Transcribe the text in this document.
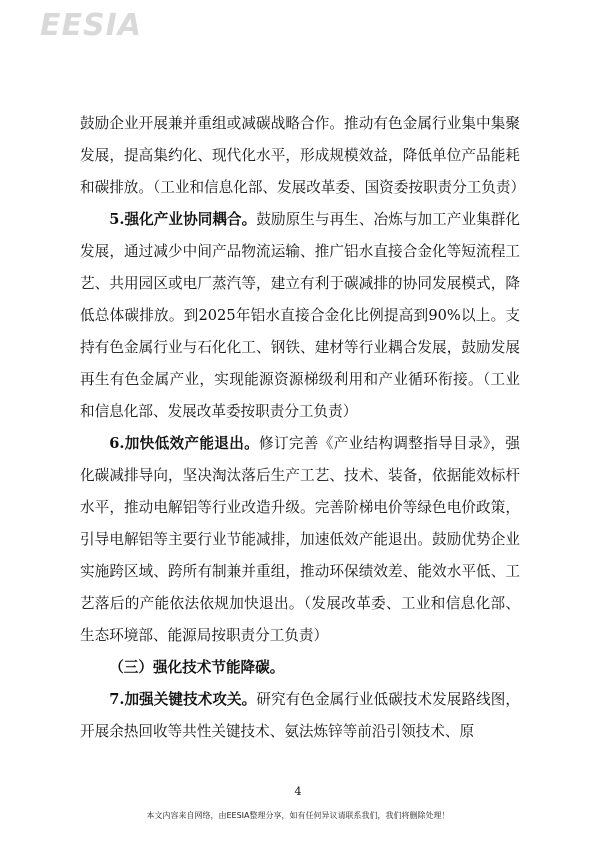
EESIA

鼓励企业开展兼并重组或减碳战略合作。推动有色金属行业集中集聚发展，提高集约化、现代化水平，形成规模效益，降低单位产品能耗和碳排放。（工业和信息化部、发展改革委、国资委按职责分工负责）

5.强化产业协同耦合。鼓励原生与再生、冶炼与加工产业集群化发展，通过减少中间产品物流运输、推广铝水直接合金化等短流程工艺、共用园区或电厂蒸汽等，建立有利于碳减排的协同发展模式，降低总体碳排放。到2025年铝水直接合金化比例提高到90%以上。支持有色金属行业与石化化工、钢铁、建材等行业耦合发展，鼓励发展再生有色金属产业，实现能源资源梯级利用和产业循环衔接。（工业和信息化部、发展改革委按职责分工负责）

6.加快低效产能退出。修订完善《产业结构调整指导目录》，强化碳减排导向，坚决淘汰落后生产工艺、技术、装备，依据能效标杆水平，推动电解铝等行业改造升级。完善阶梯电价等绿色电价政策，引导电解铝等主要行业节能减排，加速低效产能退出。鼓励优势企业实施跨区域、跨所有制兼并重组，推动环保绩效差、能效水平低、工艺落后的产能依法依规加快退出。（发展改革委、工业和信息化部、生态环境部、能源局按职责分工负责）

（三）强化技术节能降碳。

7.加强关键技术攻关。研究有色金属行业低碳技术发展路线图，开展余热回收等共性关键技术、氨法炼锌等前沿引领技术、原

4
本文内容来自网络，由EESIA整理分享，如有任何异议请联系我们，我们将删除处理！
